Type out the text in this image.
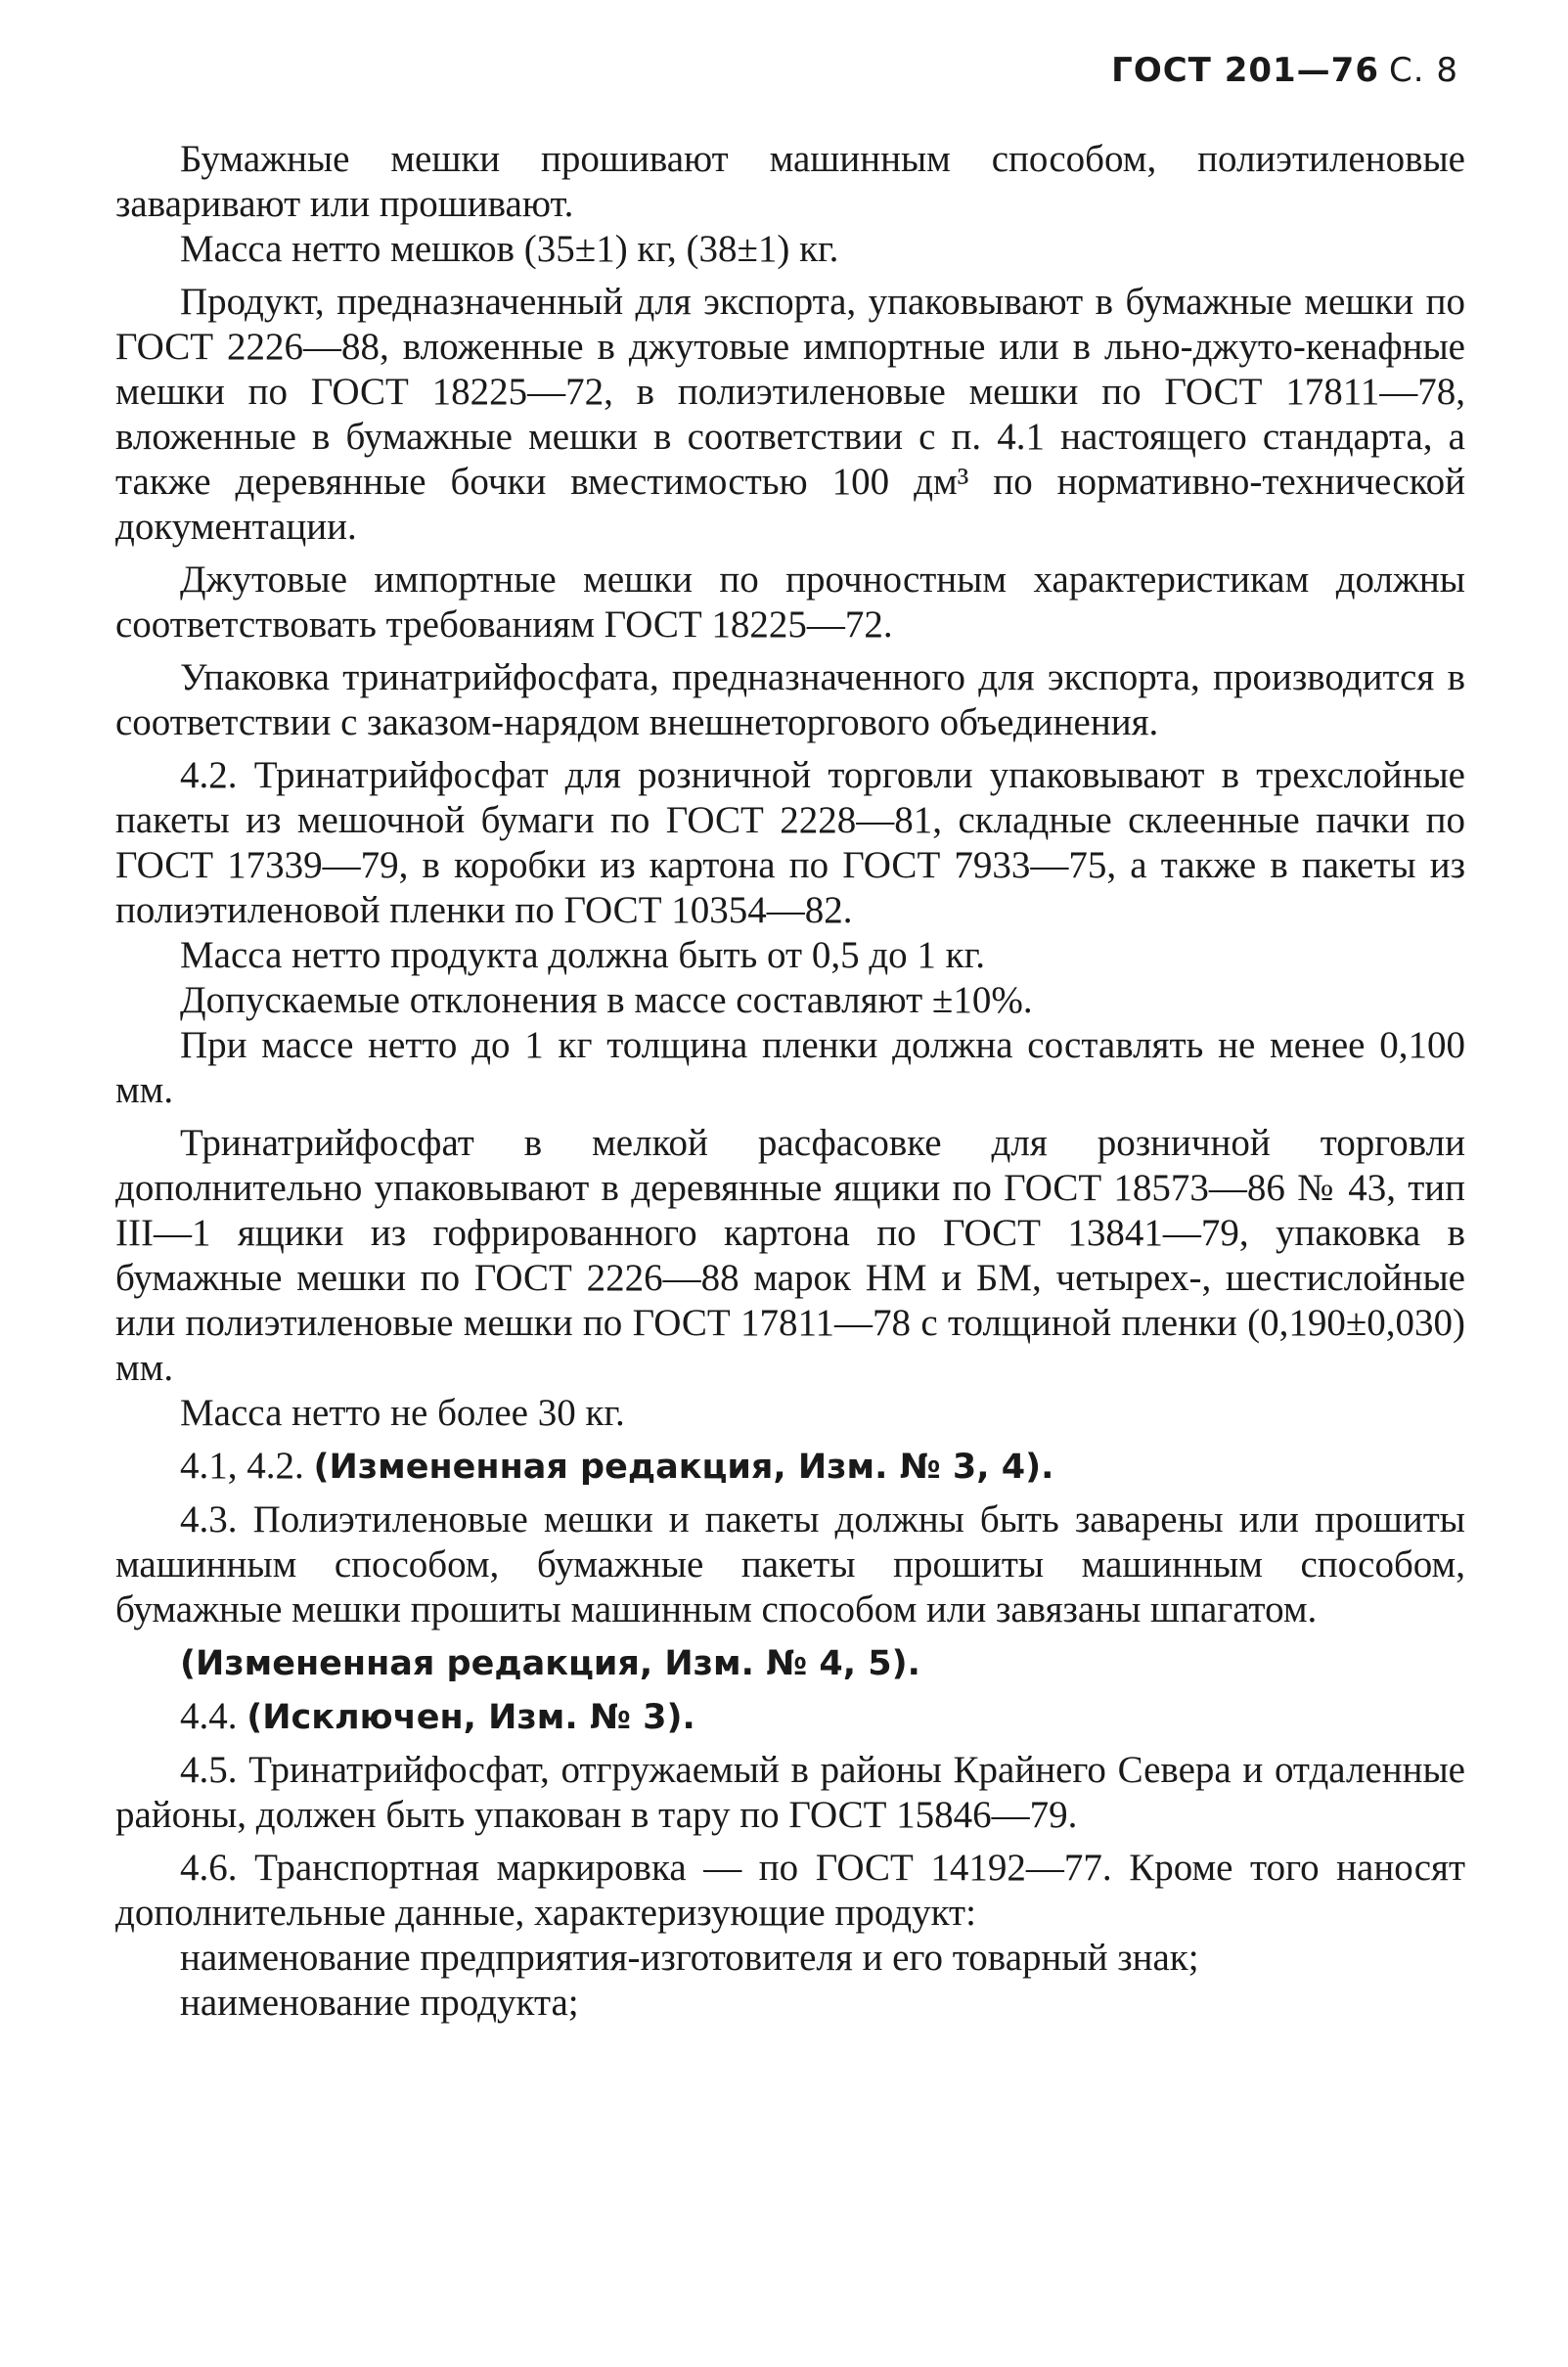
ГОСТ 201—76 С. 8

Бумажные мешки прошивают машинным способом, полиэтиленовые заваривают или прошивают.

Масса нетто мешков (35±1) кг, (38±1) кг.

Продукт, предназначенный для экспорта, упаковывают в бумажные мешки по ГОСТ 2226—88, вложенные в джутовые импортные или в льно-джуто-кенафные мешки по ГОСТ 18225—72, в полиэтиленовые мешки по ГОСТ 17811—78, вложенные в бумажные мешки в соответствии с п. 4.1 настоящего стандарта, а также деревянные бочки вместимостью 100 дм³ по нормативно-технической документации.

Джутовые импортные мешки по прочностным характеристикам должны соответствовать требованиям ГОСТ 18225—72.

Упаковка тринатрийфосфата, предназначенного для экспорта, производится в соответствии с заказом-нарядом внешнеторгового объединения.

4.2. Тринатрийфосфат для розничной торговли упаковывают в трехслойные пакеты из мешочной бумаги по ГОСТ 2228—81, складные склеенные пачки по ГОСТ 17339—79, в коробки из картона по ГОСТ 7933—75, а также в пакеты из полиэтиленовой пленки по ГОСТ 10354—82.

Масса нетто продукта должна быть от 0,5 до 1 кг.

Допускаемые отклонения в массе составляют ±10%.

При массе нетто до 1 кг толщина пленки должна составлять не менее 0,100 мм.

Тринатрийфосфат в мелкой расфасовке для розничной торговли дополнительно упаковывают в деревянные ящики по ГОСТ 18573—86 № 43, тип III—1 ящики из гофрированного картона по ГОСТ 13841—79, упаковка в бумажные мешки по ГОСТ 2226—88 марок НМ и БМ, четырех-, шестислойные или полиэтиленовые мешки по ГОСТ 17811—78 с толщиной пленки (0,190±0,030) мм.

Масса нетто не более 30 кг.

4.1, 4.2. (Измененная редакция, Изм. № 3, 4).

4.3. Полиэтиленовые мешки и пакеты должны быть заварены или прошиты машинным способом, бумажные пакеты прошиты машинным способом, бумажные мешки прошиты машинным способом или завязаны шпагатом.

(Измененная редакция, Изм. № 4, 5).

4.4. (Исключен, Изм. № 3).

4.5. Тринатрийфосфат, отгружаемый в районы Крайнего Севера и отдаленные районы, должен быть упакован в тару по ГОСТ 15846—79.

4.6. Транспортная маркировка — по ГОСТ 14192—77. Кроме того наносят дополнительные данные, характеризующие продукт:

наименование предприятия-изготовителя и его товарный знак;

наименование продукта;
